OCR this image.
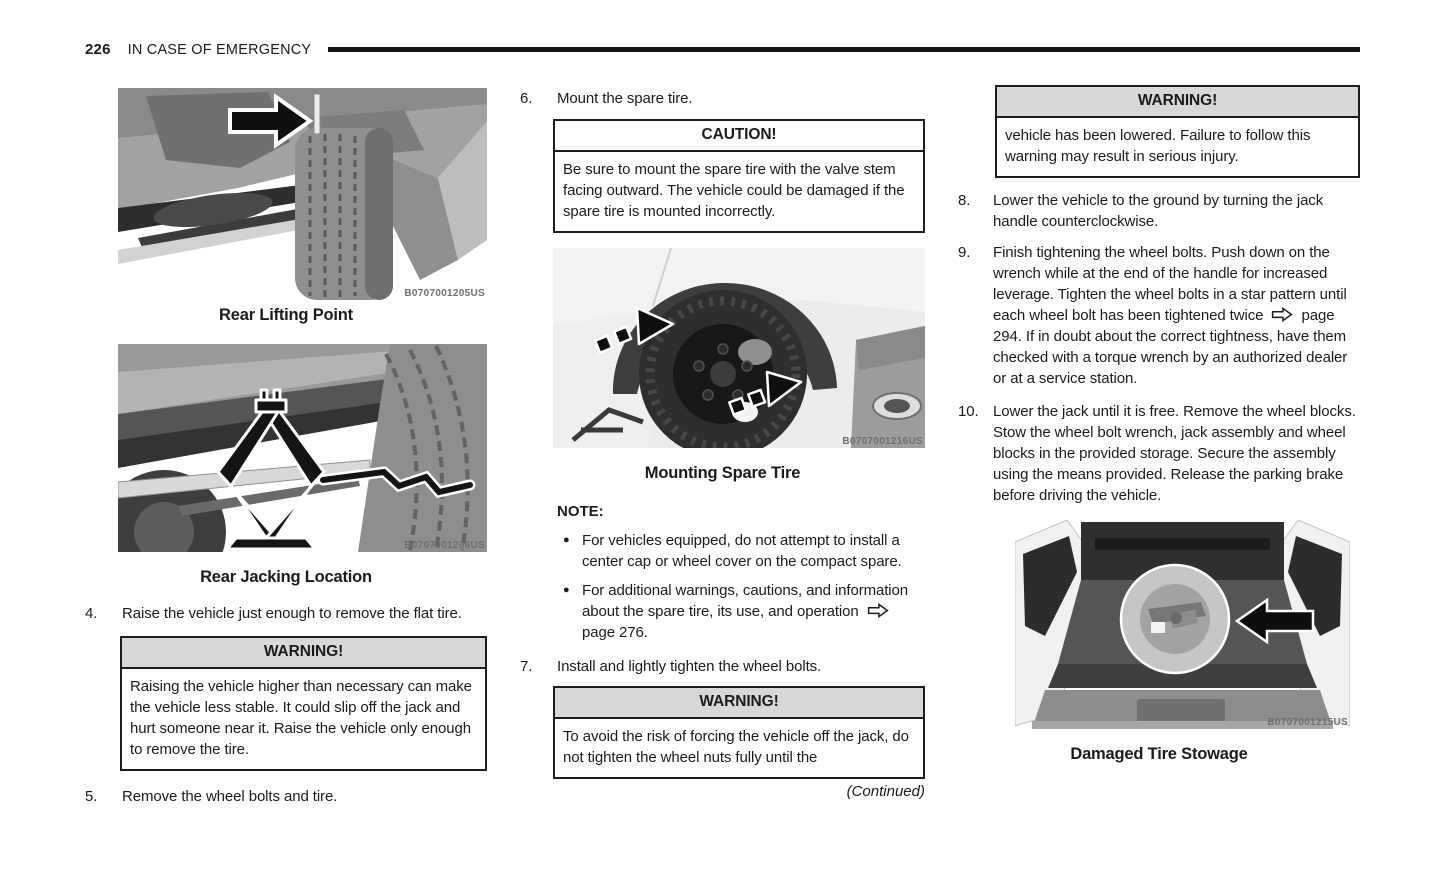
226 IN CASE OF EMERGENCY
B0707001205US
Rear Lifting Point
B0707001206US
Rear Jacking Location
4.	Raise the vehicle just enough to remove the flat tire.
WARNING!
Raising the vehicle higher than necessary can make the vehicle less stable. It could slip off the jack and hurt someone near it. Raise the vehicle only enough to remove the tire.
5.	Remove the wheel bolts and tire.
6.	Mount the spare tire.
CAUTION!
Be sure to mount the spare tire with the valve stem facing outward. The vehicle could be damaged if the spare tire is mounted incorrectly.
B0707001216US
Mounting Spare Tire
NOTE:
● For vehicles equipped, do not attempt to install a center cap or wheel cover on the compact spare.
● For additional warnings, cautions, and information about the spare tire, its use, and operation  page 276.
7.	Install and lightly tighten the wheel bolts.
WARNING!
To avoid the risk of forcing the vehicle off the jack, do not tighten the wheel nuts fully until the
(Continued)
WARNING!
vehicle has been lowered. Failure to follow this warning may result in serious injury.
8.	Lower the vehicle to the ground by turning the jack handle counterclockwise.
9.	Finish tightening the wheel bolts. Push down on the wrench while at the end of the handle for increased leverage. Tighten the wheel bolts in a star pattern until each wheel bolt has been tightened twice	page 294. If in doubt about the correct tightness, have them checked with a torque wrench by an authorized dealer or at a service station.
10. Lower the jack until it is free. Remove the wheel blocks. Stow the wheel bolt wrench, jack assembly and wheel blocks in the provided storage. Secure the assembly using the means provided. Release the parking brake before driving the vehicle.
B0707001215US
Damaged Tire Stowage
